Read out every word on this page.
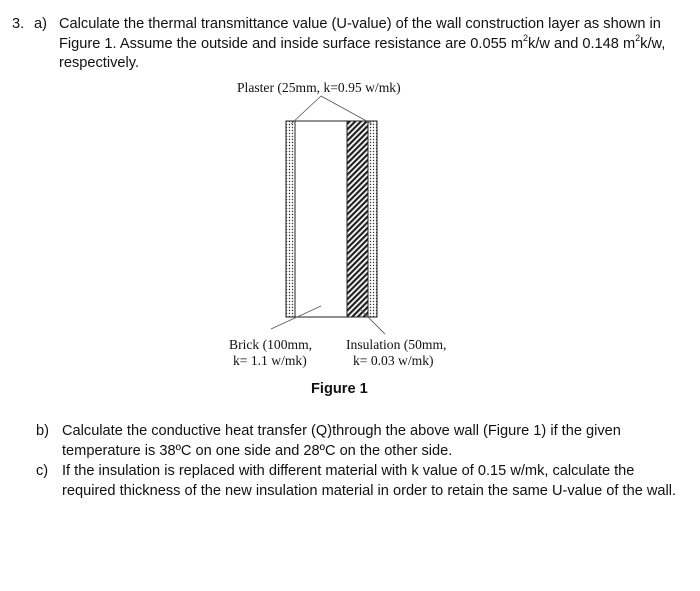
3. a) Calculate the thermal transmittance value (U-value) of the wall construction layer as shown in Figure 1. Assume the outside and inside surface resistance are 0.055 $m^2k/w$ and 0.148 $m^2k/w$, respectively.
Plaster (25mm, k=0.95 w/mk)
Brick (100mm,
k= 1.1 w/mk)
Insulation (50mm,
k= 0.03 w/mk)
Figure 1
b) Calculate the conductive heat transfer (Q)through the above wall (Figure 1) if the given temperature is 38ºC on one side and 28ºC on the other side.
c) If the insulation is replaced with different material with k value of 0.15 w/mk, calculate the required thickness of the new insulation material in order to retain the same U-value of the wall.
